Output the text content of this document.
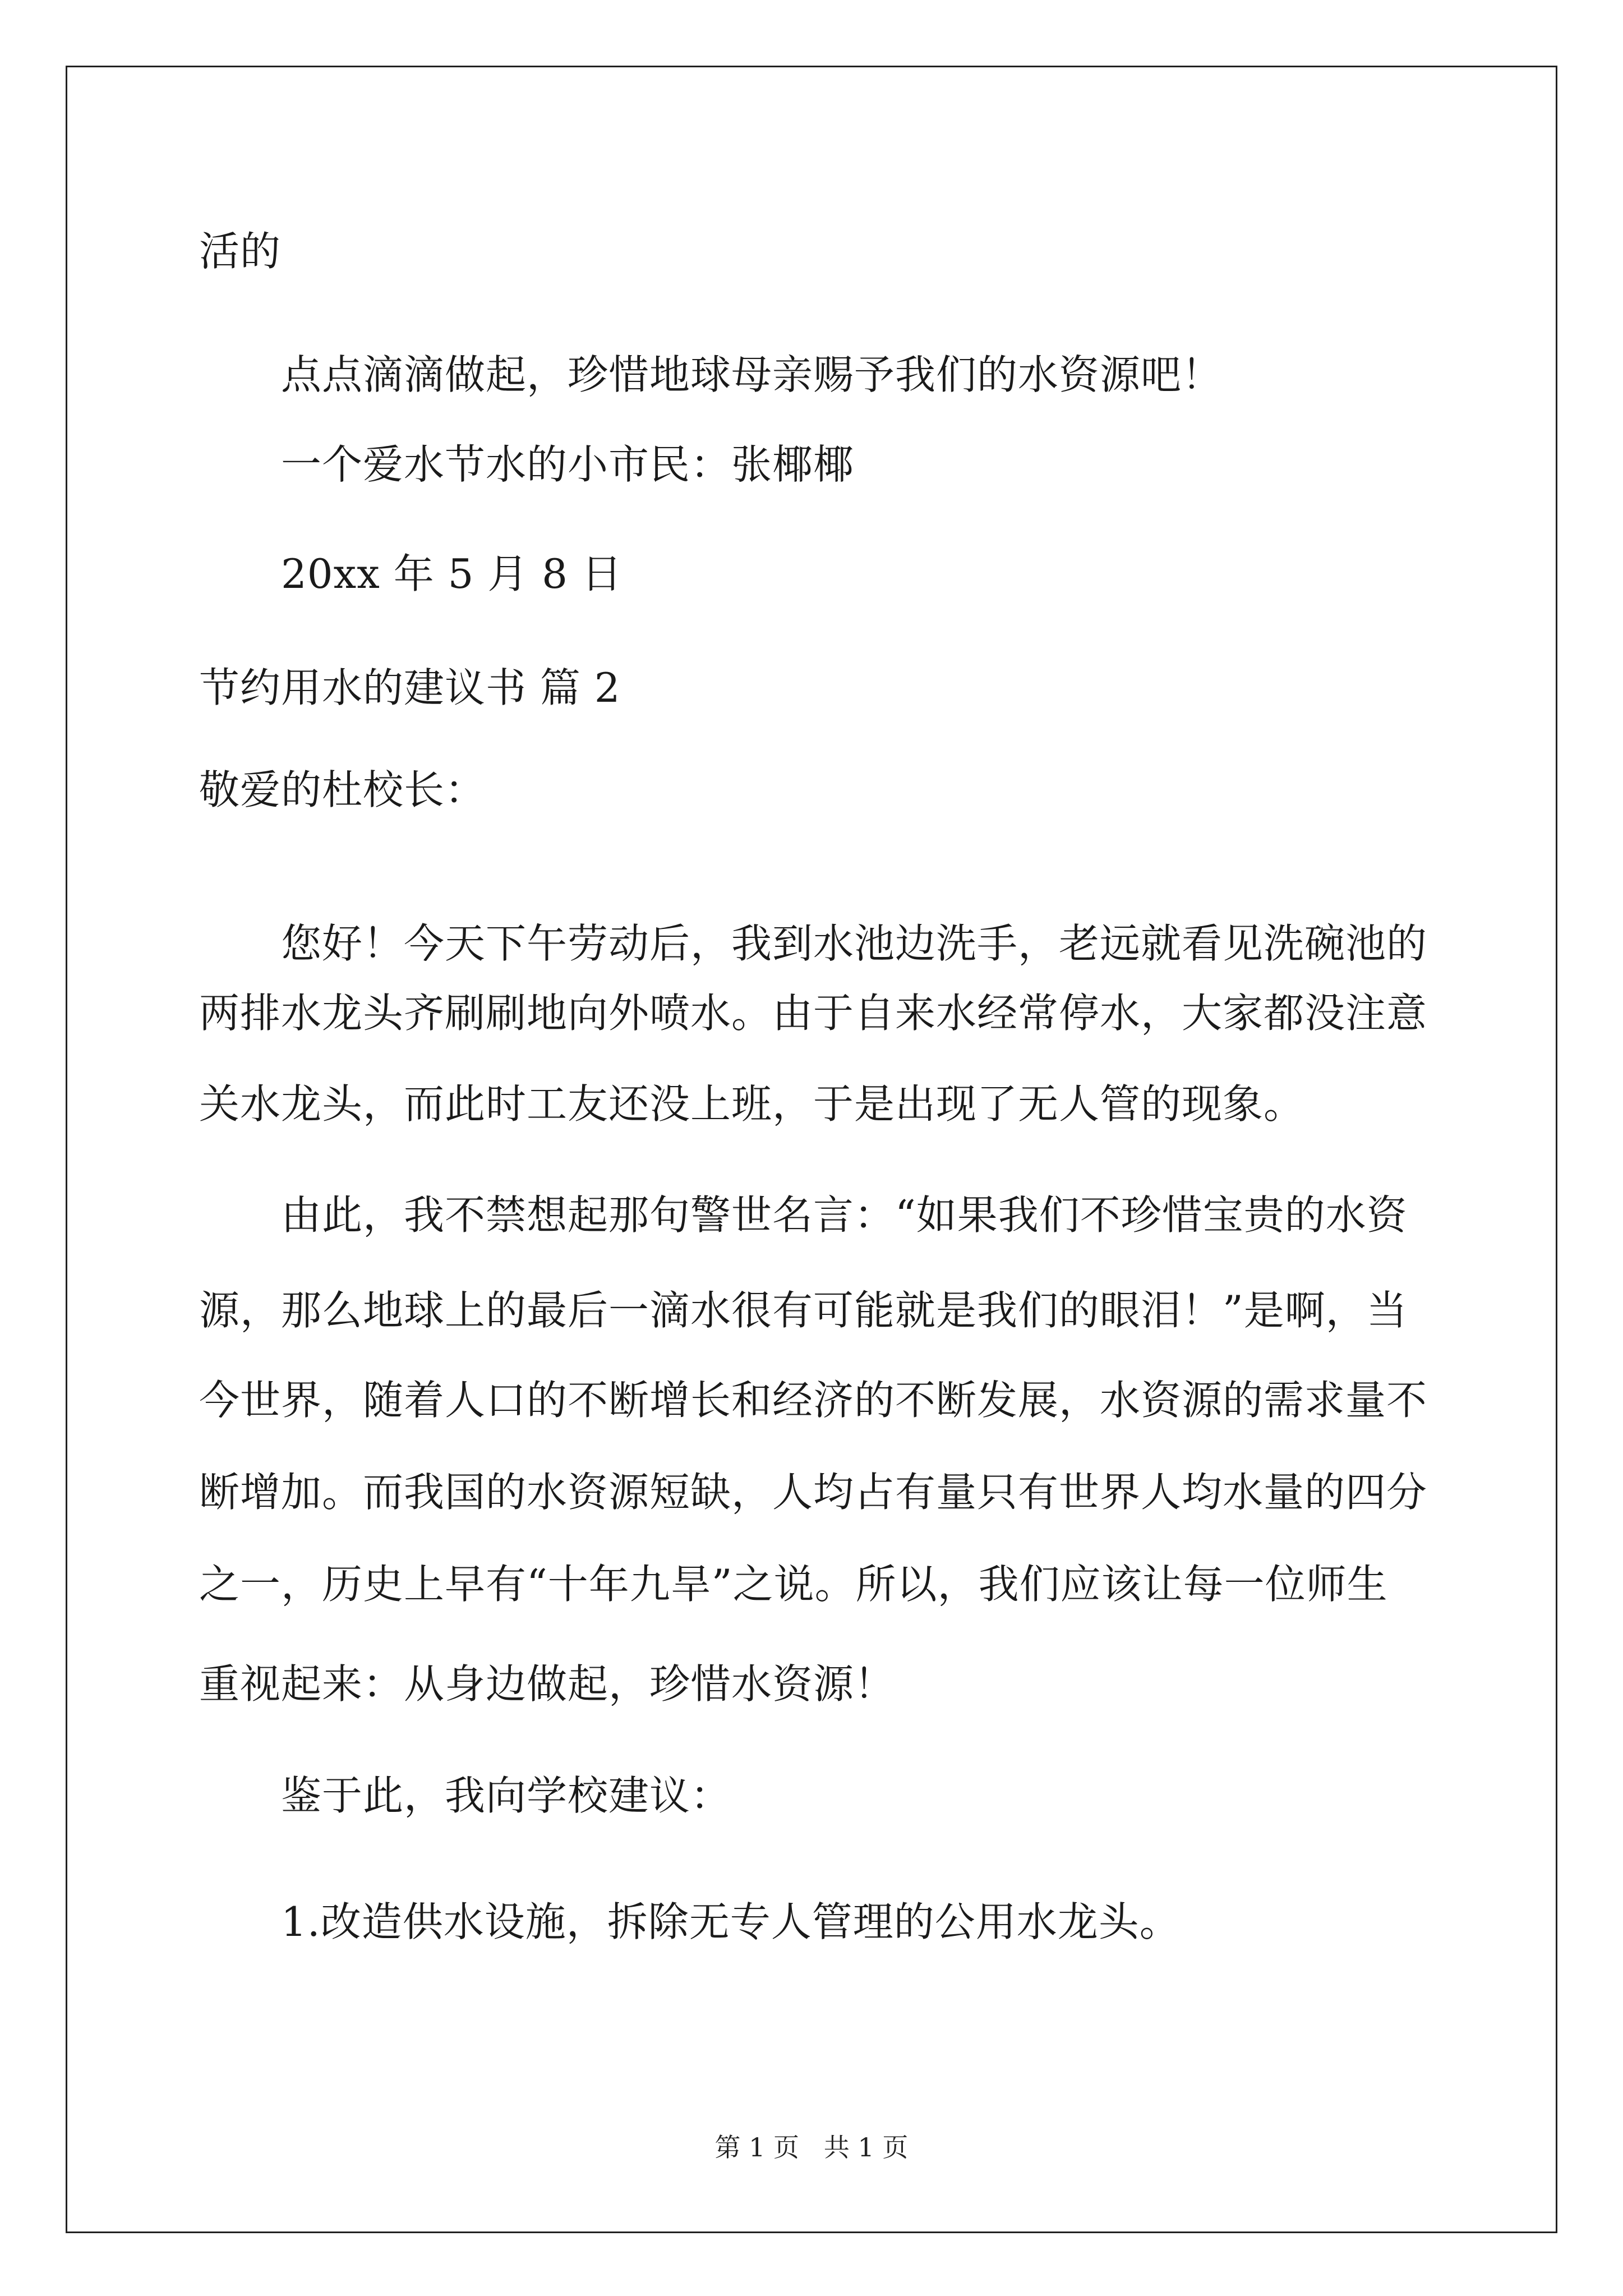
活的

点点滴滴做起，珍惜地球母亲赐予我们的水资源吧！

一个爱水节水的小市民：张椰椰

20xx 年 5 月 8 日

节约用水的建议书 篇 2

敬爱的杜校长：

您好！今天下午劳动后，我到水池边洗手，老远就看见洗碗池的

两排水龙头齐刷刷地向外喷水。由于自来水经常停水，大家都没注意

关水龙头，而此时工友还没上班，于是出现了无人管的现象。

由此，我不禁想起那句警世名言：“如果我们不珍惜宝贵的水资

源，那么地球上的最后一滴水很有可能就是我们的眼泪！”是啊，当

今世界，随着人口的不断增长和经济的不断发展，水资源的需求量不

断增加。而我国的水资源短缺，人均占有量只有世界人均水量的四分

之一，历史上早有“十年九旱”之说。所以，我们应该让每一位师生

重视起来：从身边做起，珍惜水资源！

鉴于此，我向学校建议：

1.改造供水设施，拆除无专人管理的公用水龙头。

第 1 页   共 1 页
